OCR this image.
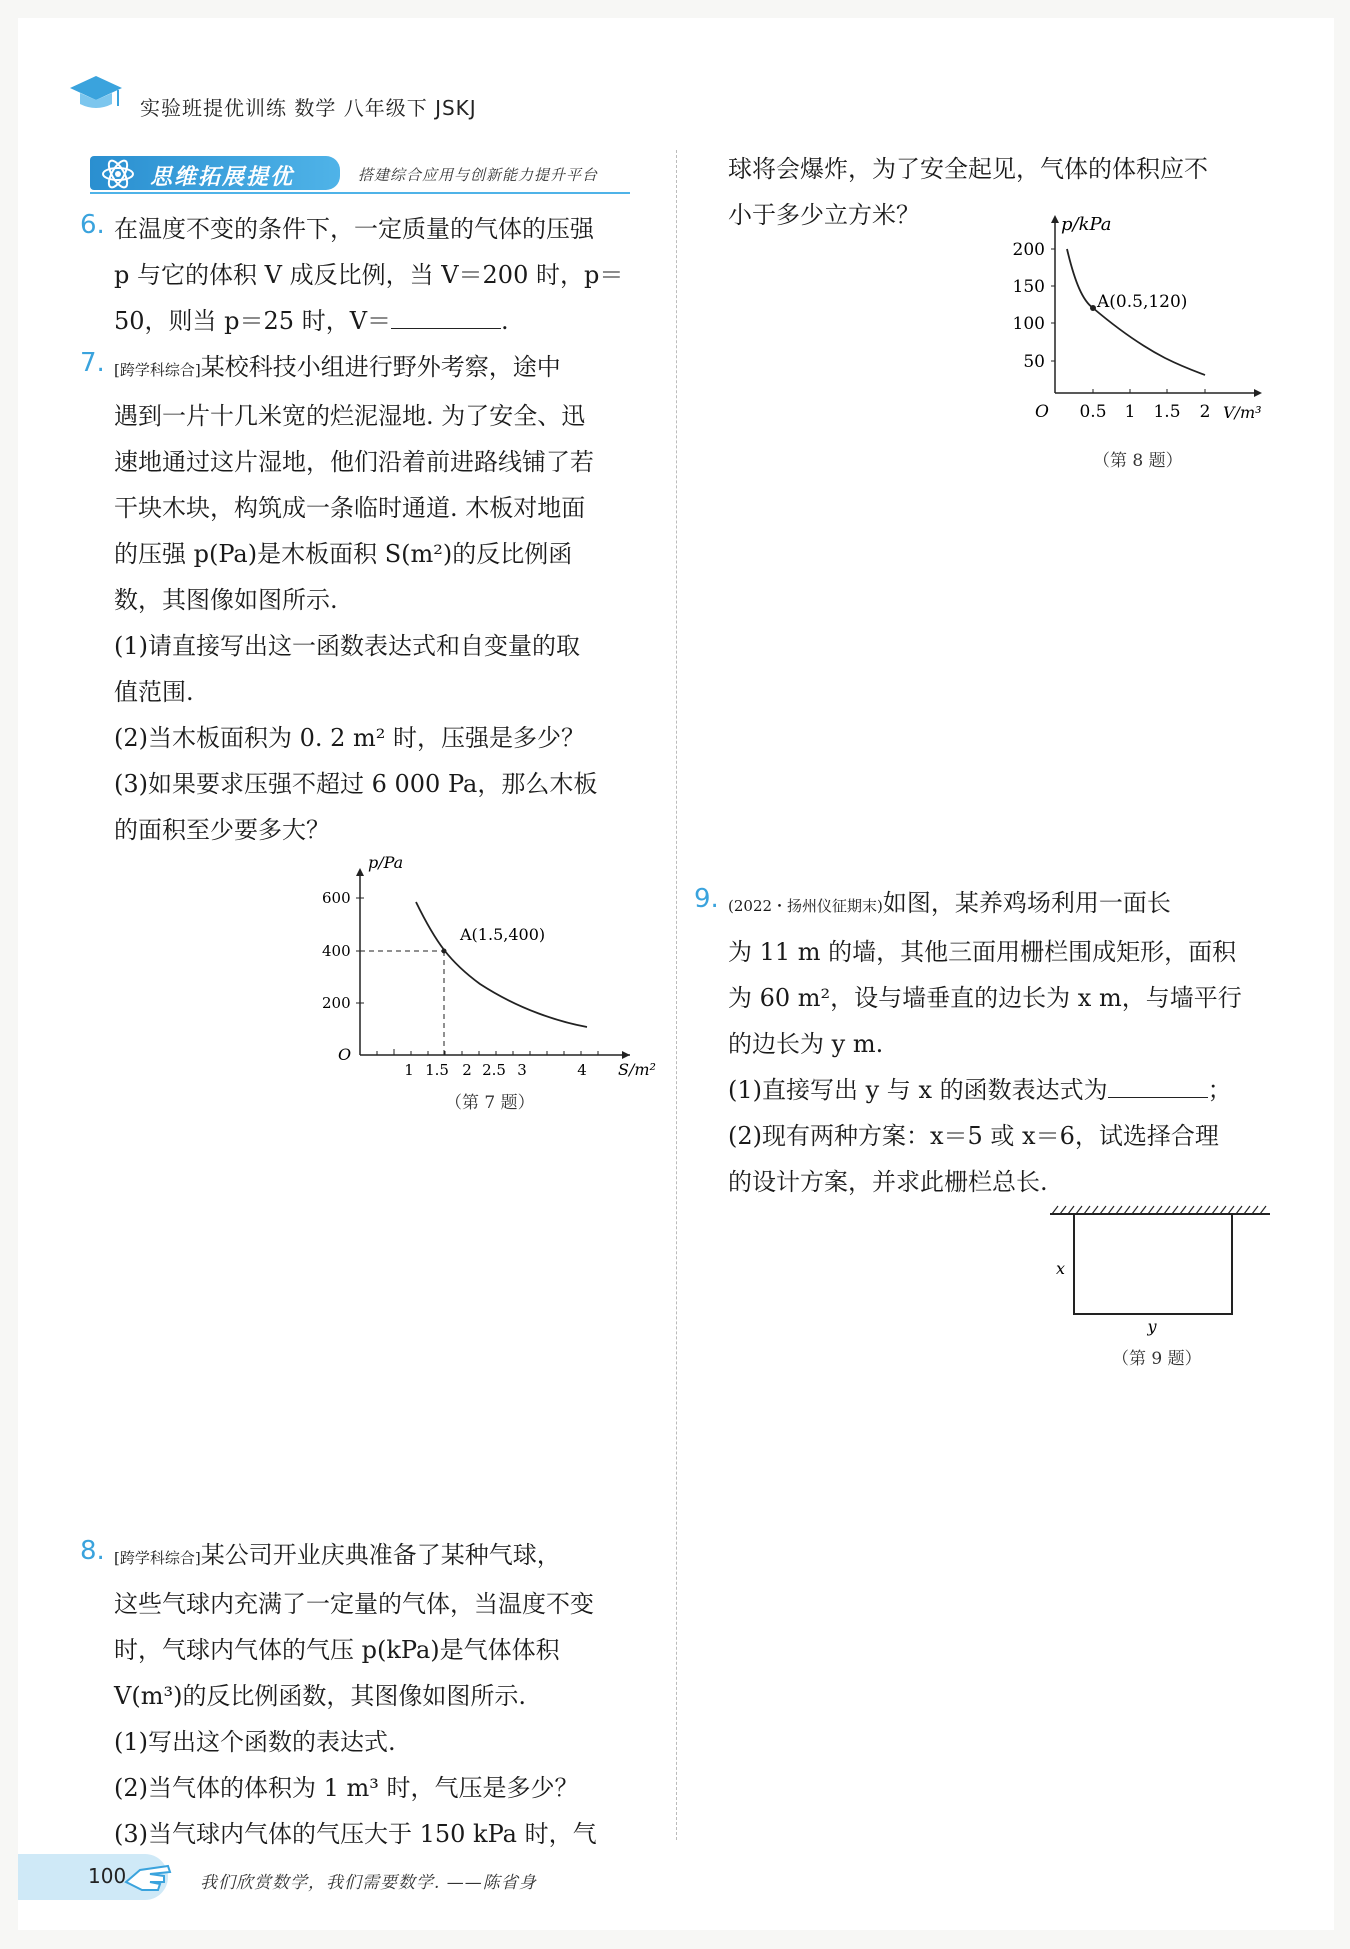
实验班提优训练 数学 八年级下 JSKJ
思维拓展提优	搭建综合应用与创新能力提升平台
6. 在温度不变的条件下，一定质量的气体的压强
p 与它的体积 V 成反比例，当 V＝200 时，p＝
50，则当 p＝25 时，V＝	.
7. [跨学科综合]某校科技小组进行野外考察，途中
遇到一片十几米宽的烂泥湿地. 为了安全、迅
速地通过这片湿地，他们沿着前进路线铺了若
干块木块，构筑成一条临时通道. 木板对地面
的压强 p(Pa)是木板面积 S(m²)的反比例函
数，其图像如图所示.
(1)请直接写出这一函数表达式和自变量的取
值范围.
(2)当木板面积为 0. 2 m² 时，压强是多少？
(3)如果要求压强不超过 6 000 Pa，那么木板
的面积至少要多大？
p/Pa
S/m²
O
600
400
200
1 1.5 2 2.5 3	4
A(1.5,400)
（第 7 题）
8. [跨学科综合]某公司开业庆典准备了某种气球，
这些气球内充满了一定量的气体，当温度不变
时，气球内气体的气压 p(kPa)是气体体积
V(m³)的反比例函数，其图像如图所示.
(1)写出这个函数的表达式.
(2)当气体的体积为 1 m³ 时，气压是多少？
(3)当气球内气体的气压大于 150 kPa 时，气
球将会爆炸，为了安全起见，气体的体积应不
小于多少立方米？	p/kPa
V/m³
O
200
150
100
50
0.5 1 1.5 2
A(0.5,120)
（第 8 题）
9. (2022・扬州仪征期末)如图，某养鸡场利用一面长
为 11 m 的墙，其他三面用栅栏围成矩形，面积
为 60 m²，设与墙垂直的边长为 x m，与墙平行
的边长为 y m.
(1)直接写出 y 与 x 的函数表达式为	；
(2)现有两种方案：x＝5 或 x＝6，试选择合理
的设计方案，并求此栅栏总长.
x
y
（第 9 题）
100	我们欣赏数学，我们需要数学. ——陈省身
